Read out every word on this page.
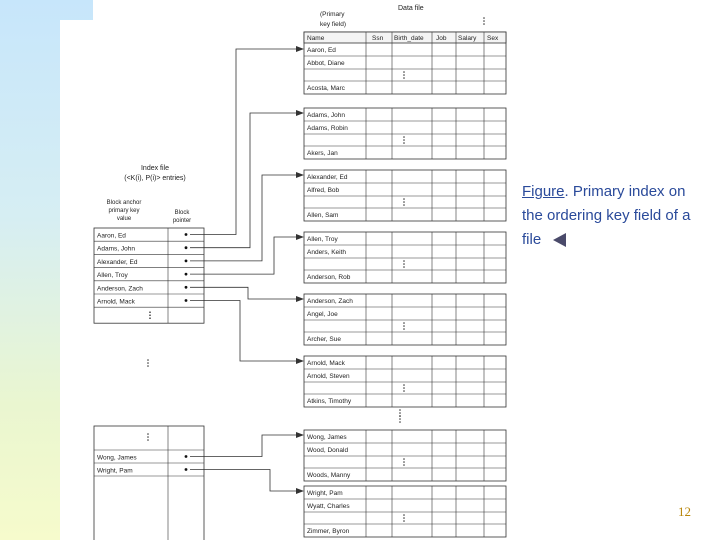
Data file
(Primary
key field)
Name	Ssn Birth_date Job Salary Sex
Aaron, Ed
Abbot, Diane
Acosta, Marc
Adams, John
Adams, Robin
Akers, Jan
Alexander, Ed
Alfred, Bob
Allen, Sam
Allen, Troy
Anders, Keith
Anderson, Rob
Anderson, Zach
Angel, Joe
Archer, Sue
Arnold, Mack
Arnold, Steven
Atkins, Timothy
Wong, James
Wood, Donald
Woods, Manny
Wright, Pam
Wyatt, Charles
Zimmer, Byron
Index file
(<K(i), P(i)> entries)
Block anchor
primary key
value
Block
pointer
Aaron, Ed
Adams, John
Alexander, Ed
Allen, Troy
Anderson, Zach
Arnold, Mack
Wong, James
Wright, Pam
Figure. Primary index on the ordering key field of a file
12
